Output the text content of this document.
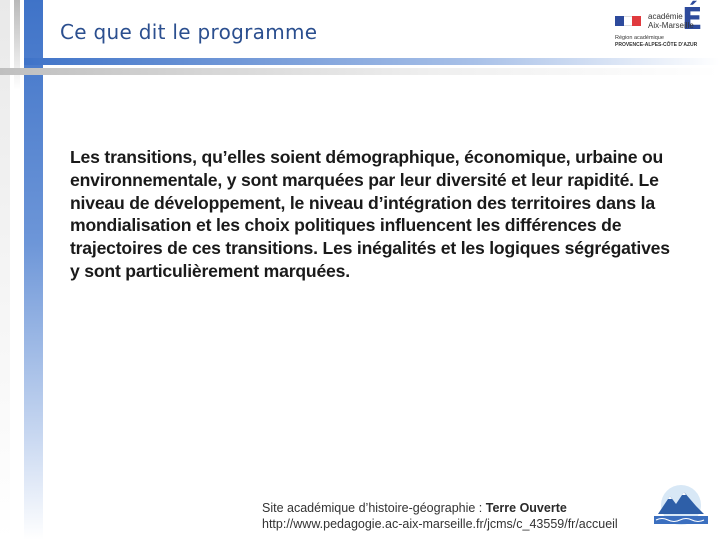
Ce que dit le programme	É
académie
Aix-Marseille
Région académique
PROVENCE-ALPES-CÔTE D’AZUR
Les transitions, qu’elles soient démographique, économique, urbaine ou environnementale, y sont marquées par leur diversité et leur rapidité. Le niveau de développement, le niveau d’intégration des territoires dans la mondialisation et les choix politiques influencent les différences de trajectoires de ces transitions. Les inégalités et les logiques ségrégatives y sont particulièrement marquées.
Site académique d’histoire-géographie : Terre Ouverte
http://www.pedagogie.ac-aix-marseille.fr/jcms/c_43559/fr/accueil
